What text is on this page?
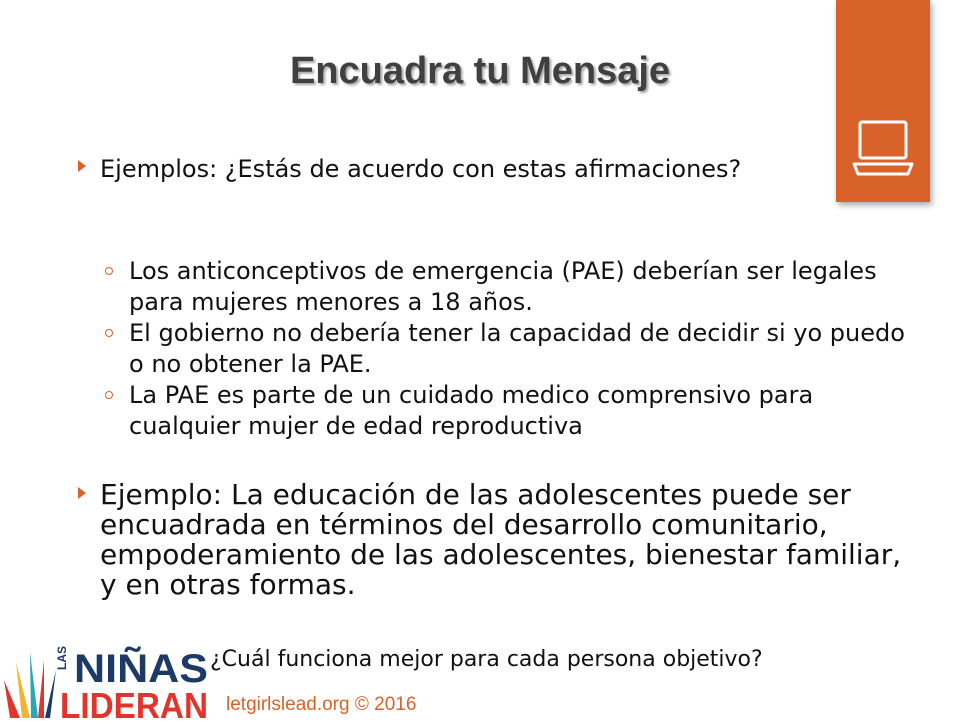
Encuadra tu Mensaje
Ejemplos: ¿Estás de acuerdo con estas afirmaciones?
Los anticonceptivos de emergencia (PAE) deberían ser legales para mujeres menores a 18 años.
El gobierno no debería tener la capacidad de decidir si yo puedo o no obtener la PAE.
La PAE es parte de un cuidado medico comprensivo para cualquier mujer de edad reproductiva
Ejemplo: La educación de las adolescentes puede ser encuadrada en términos del desarrollo comunitario, empoderamiento de las adolescentes, bienestar familiar, y en otras formas.
¿Cuál funciona mejor para cada persona objetivo?
LAS NIÑAS
LIDERAN letgirlslead.org © 2016
